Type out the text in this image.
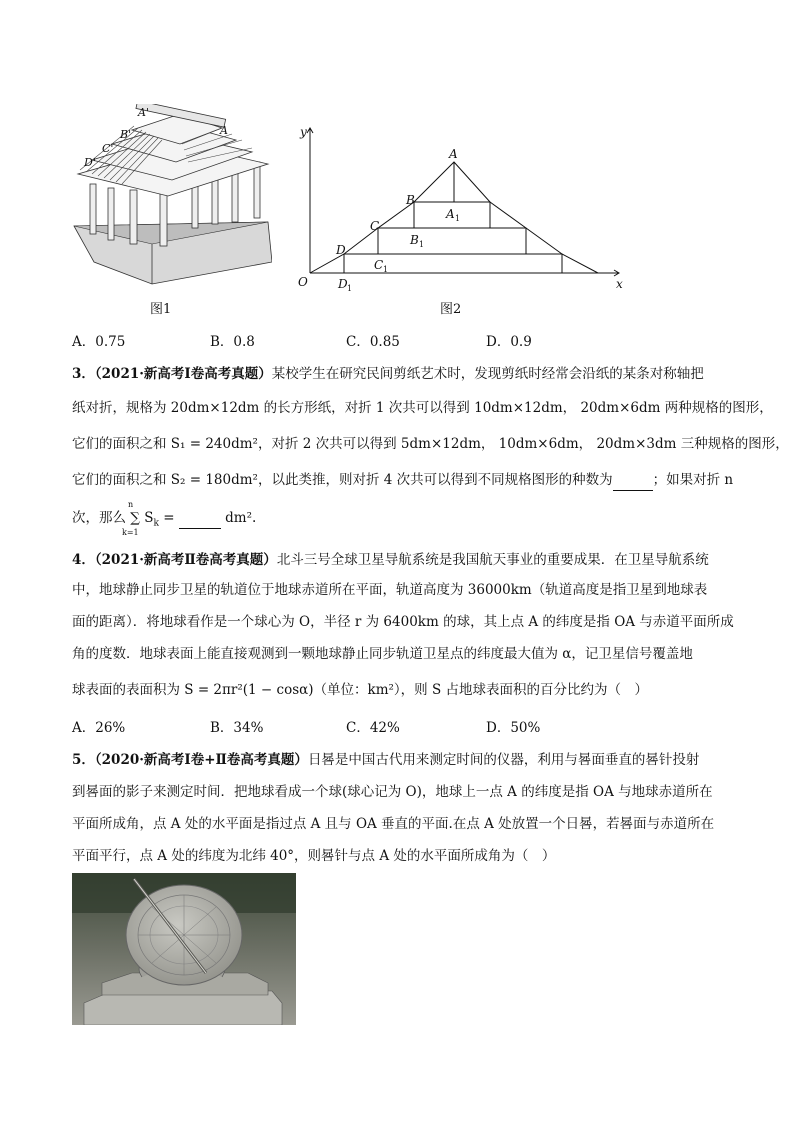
A'
B'
C'
D'
A
图1
y
x
O
A
B
C
D
A
B
C
D
1
1
1
1
图2
A．0.75	B．0.8	C．0.85	D．0.9
3．（2021·新高考Ⅰ卷高考真题）某校学生在研究民间剪纸艺术时，发现剪纸时经常会沿纸的某条对称轴把
纸对折，规格为 20dm×12dm 的长方形纸，对折 1 次共可以得到 10dm×12dm， 20dm×6dm 两种规格的图形，
它们的面积之和 S₁ = 240dm²，对折 2 次共可以得到 5dm×12dm， 10dm×6dm， 20dm×3dm 三种规格的图形，
它们的面积之和 S₂ = 180dm²，以此类推，则对折 4 次共可以得到不同规格图形的种数为	；如果对折 n
次，那么 ∑ $S_k$ =	dm².
n
k=1
4．（2021·新高考Ⅱ卷高考真题）北斗三号全球卫星导航系统是我国航天事业的重要成果．在卫星导航系统
中，地球静止同步卫星的轨道位于地球赤道所在平面，轨道高度为 36000km（轨道高度是指卫星到地球表
面的距离）．将地球看作是一个球心为 O，半径 r 为 6400km 的球，其上点 A 的纬度是指 OA 与赤道平面所成
角的度数．地球表面上能直接观测到一颗地球静止同步轨道卫星点的纬度最大值为 α，记卫星信号覆盖地
球表面的表面积为 S = 2πr²(1 − cosα)（单位：km²），则 S 占地球表面积的百分比约为（　）
A．26%	B．34%	C．42%	D．50%
5．（2020·新高考Ⅰ卷+Ⅱ卷高考真题）日晷是中国古代用来测定时间的仪器，利用与晷面垂直的晷针投射
到晷面的影子来测定时间．把地球看成一个球(球心记为 O)，地球上一点 A 的纬度是指 OA 与地球赤道所在
平面所成角，点 A 处的水平面是指过点 A 且与 OA 垂直的平面.在点 A 处放置一个日晷，若晷面与赤道所在
平面平行，点 A 处的纬度为北纬 40°，则晷针与点 A 处的水平面所成角为（　）
